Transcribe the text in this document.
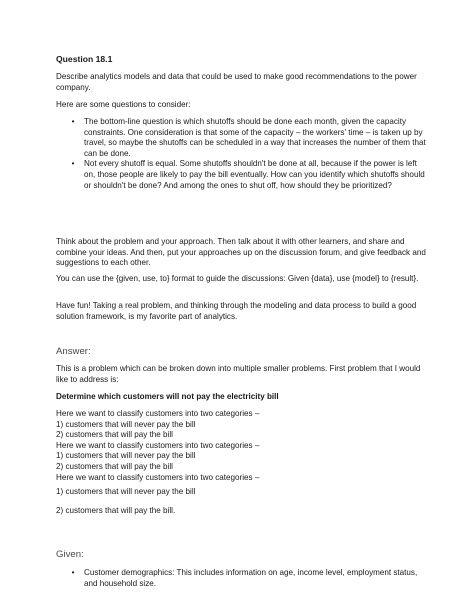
Question 18.1
Describe analytics models and data that could be used to make good recommendations to the power company.
Here are some questions to consider:
• The bottom-line question is which shutoffs should be done each month, given the capacity constraints. One consideration is that some of the capacity – the workers' time – is taken up by travel, so maybe the shutoffs can be scheduled in a way that increases the number of them that can be done.
• Not every shutoff is equal. Some shutoffs shouldn't be done at all, because if the power is left on, those people are likely to pay the bill eventually. How can you identify which shutoffs should or shouldn't be done? And among the ones to shut off, how should they be prioritized?
Think about the problem and your approach. Then talk about it with other learners, and share and combine your ideas. And then, put your approaches up on the discussion forum, and give feedback and suggestions to each other.
You can use the {given, use, to} format to guide the discussions: Given {data}, use {model} to {result}.
Have fun! Taking a real problem, and thinking through the modeling and data process to build a good solution framework, is my favorite part of analytics.
Answer:
This is a problem which can be broken down into multiple smaller problems. First problem that I would like to address is:
Determine which customers will not pay the electricity bill
Here we want to classify customers into two categories –
1) customers that will never pay the bill
2) customers that will pay the bill
Here we want to classify customers into two categories –
1) customers that will never pay the bill
2) customers that will pay the bill
Here we want to classify customers into two categories –
1) customers that will never pay the bill
2) customers that will pay the bill.
Given:
• Customer demographics: This includes information on age, income level, employment status, and household size.
